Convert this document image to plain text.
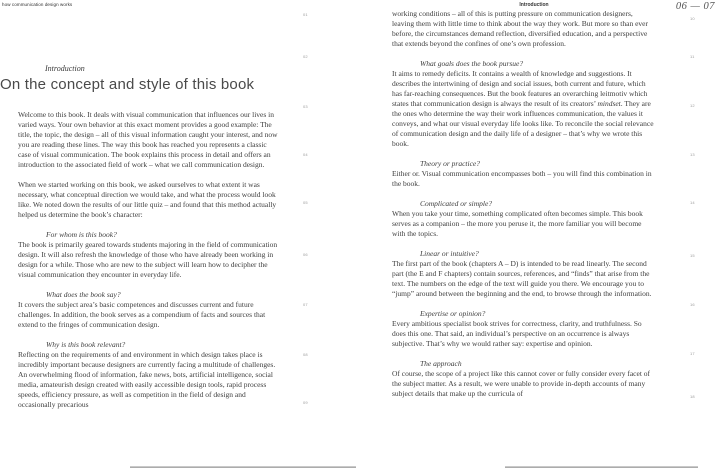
how communication design works
Introduction
On the concept and style of this book

Welcome to this book. It deals with visual communication that influences our lives in varied ways. Your own behavior at this exact moment provides a good example: The title, the topic, the design – all of this visual information caught your interest, and now you are reading these lines. The way this book has reached you represents a classic case of visual communication. The book explains this process in detail and offers an introduction to the associated field of work – what we call communication design.

When we started working on this book, we asked ourselves to what extent it was necessary, what conceptual direction we would take, and what the process would look like. We noted down the results of our little quiz – and found that this method actually helped us determine the book’s character:

For whom is this book?

The book is primarily geared towards students majoring in the field of communication design. It will also refresh the knowledge of those who have already been working in design for a while. Those who are new to the subject will learn how to decipher the visual communication they encounter in everyday life.

What does the book say?

It covers the subject area’s basic competences and discusses current and future challenges. In addition, the book serves as a compendium of facts and sources that extend to the fringes of communication design.

Why is this book relevant?

Reflecting on the requirements of and environment in which design takes place is incredibly important because designers are currently facing a multitude of challenges. An overwhelming flood of information, fake news, bots, artificial intelligence, social media, amateurish design created with easily accessible design tools, rapid process speeds, efficiency pressure, as well as competition in the field of design and occasionally precarious

01
02
03
04
05
06
07
08
09
Introduction	06 — 07

working conditions – all of this is putting pressure on communication designers, leaving them with little time to think about the way they work. But more so than ever before, the circumstances demand reflection, diversified education, and a perspective that extends beyond the confines of one’s own profession.

What goals does the book pursue?

It aims to remedy deficits. It contains a wealth of knowledge and suggestions. It describes the intertwining of design and social issues, both current and future, which has far-reaching consequences. But the book features an overarching leitmotiv which states that communication design is always the result of its creators’ mindset. They are the ones who determine the way their work influences communication, the values it conveys, and what our visual everyday life looks like. To reconcile the social relevance of communication design and the daily life of a designer – that’s why we wrote this book.

Theory or practice?

Either or. Visual communication encompasses both – you will find this combination in the book.

Complicated or simple?

When you take your time, something complicated often becomes simple. This book serves as a companion – the more you peruse it, the more familiar you will become with the topics.

Linear or intuitive?

The first part of the book (chapters A – D) is intended to be read linearly. The second part (the E and F chapters) contain sources, references, and “finds” that arise from the text. The numbers on the edge of the text will guide you there. We encourage you to “jump” around between the beginning and the end, to browse through the information.

Expertise or opinion?

Every ambitious specialist book strives for correctness, clarity, and truthfulness. So does this one. That said, an individual’s perspective on an occurrence is always subjective. That’s why we would rather say: expertise and opinion.

The approach

Of course, the scope of a project like this cannot cover or fully consider every facet of the subject matter. As a result, we were unable to provide in-depth accounts of many subject details that make up the curricula of

10
11
12
13
14
15
16
17
18
